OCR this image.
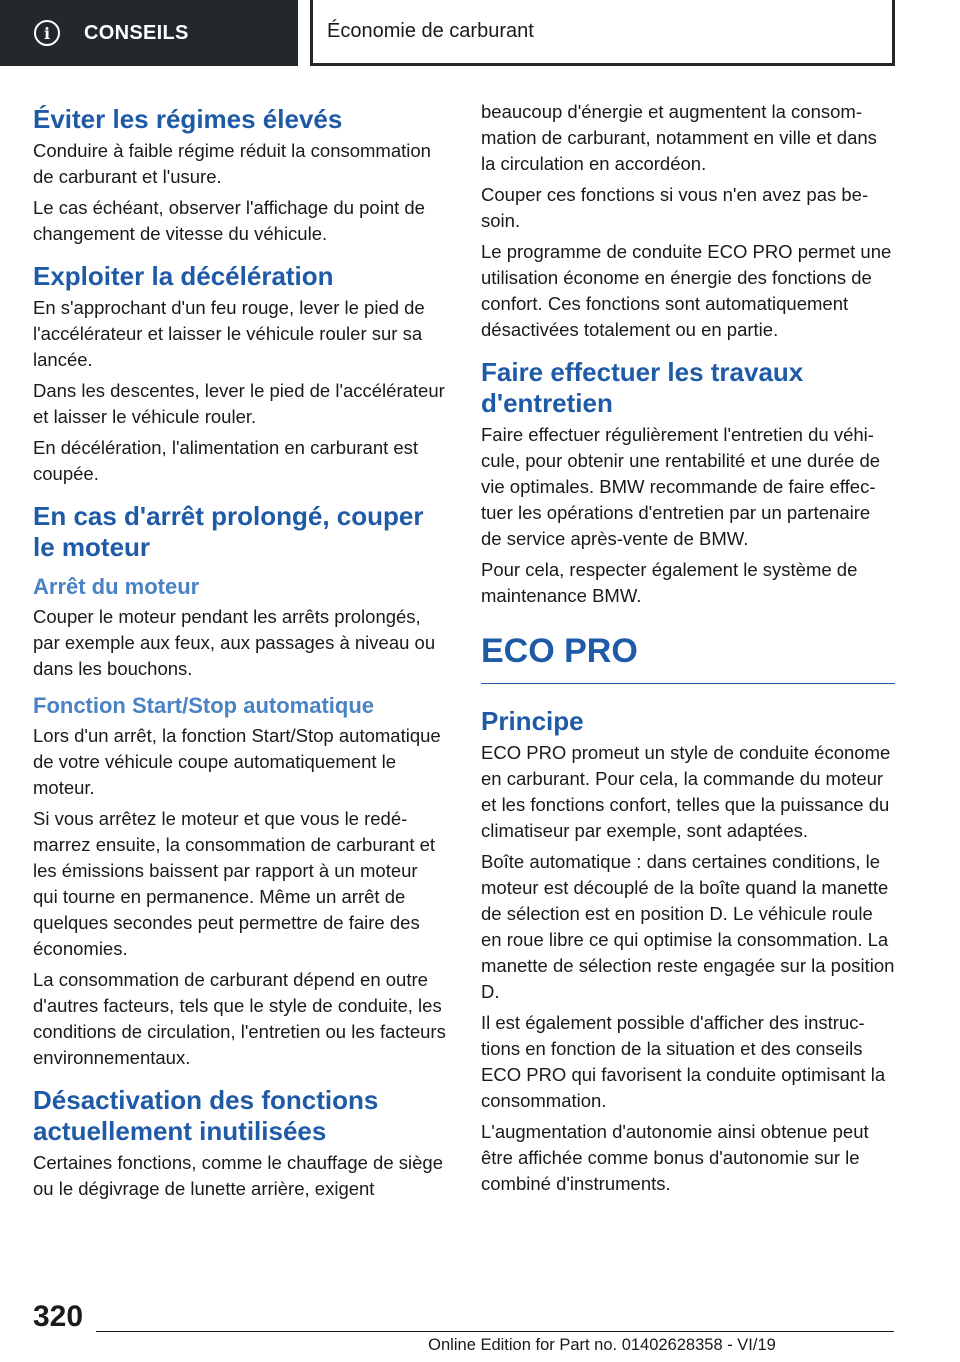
i	CONSEILS	Économie de carburant
Éviter les régimes élevés

Conduire à faible régime réduit la consommation de carburant et l'usure.

Le cas échéant, observer l'affichage du point de changement de vitesse du véhicule.

Exploiter la décélération

En s'approchant d'un feu rouge, lever le pied de l'accélérateur et laisser le véhicule rouler sur sa lancée.

Dans les descentes, lever le pied de l'accélérateur et laisser le véhicule rouler.

En décélération, l'alimentation en carburant est coupée.

En cas d'arrêt prolongé, couper le moteur
Arrêt du moteur

Couper le moteur pendant les arrêts prolongés, par exemple aux feux, aux passages à niveau ou dans les bouchons.

Fonction Start/Stop automatique

Lors d'un arrêt, la fonction Start/Stop automatique de votre véhicule coupe automatiquement le moteur.

Si vous arrêtez le moteur et que vous le redémarrez ensuite, la consommation de carburant et les émissions baissent par rapport à un moteur qui tourne en permanence. Même un arrêt de quelques secondes peut permettre de faire des économies.

La consommation de carburant dépend en outre d'autres facteurs, tels que le style de conduite, les conditions de circulation, l'entretien ou les facteurs environnementaux.

Désactivation des fonctions actuellement inutilisées

Certaines fonctions, comme le chauffage de siège ou le dégivrage de lunette arrière, exigent

beaucoup d'énergie et augmentent la consommation de carburant, notamment en ville et dans la circulation en accordéon.

Couper ces fonctions si vous n'en avez pas besoin.

Le programme de conduite ECO PRO permet une utilisation économe en énergie des fonctions de confort. Ces fonctions sont automatiquement désactivées totalement ou en partie.

Faire effectuer les travaux d'entretien

Faire effectuer régulièrement l'entretien du véhicule, pour obtenir une rentabilité et une durée de vie optimales. BMW recommande de faire effectuer les opérations d'entretien par un partenaire de service après-vente de BMW.

Pour cela, respecter également le système de maintenance BMW.

ECO PRO
Principe

ECO PRO promeut un style de conduite économe en carburant. Pour cela, la commande du moteur et les fonctions confort, telles que la puissance du climatiseur par exemple, sont adaptées.

Boîte automatique : dans certaines conditions, le moteur est découplé de la boîte quand la manette de sélection est en position D. Le véhicule roule en roue libre ce qui optimise la consommation. La manette de sélection reste engagée sur la position D.

Il est également possible d'afficher des instructions en fonction de la situation et des conseils ECO PRO qui favorisent la conduite optimisant la consommation.

L'augmentation d'autonomie ainsi obtenue peut être affichée comme bonus d'autonomie sur le combiné d'instruments.

320
Online Edition for Part no. 01402628358 - VI/19
